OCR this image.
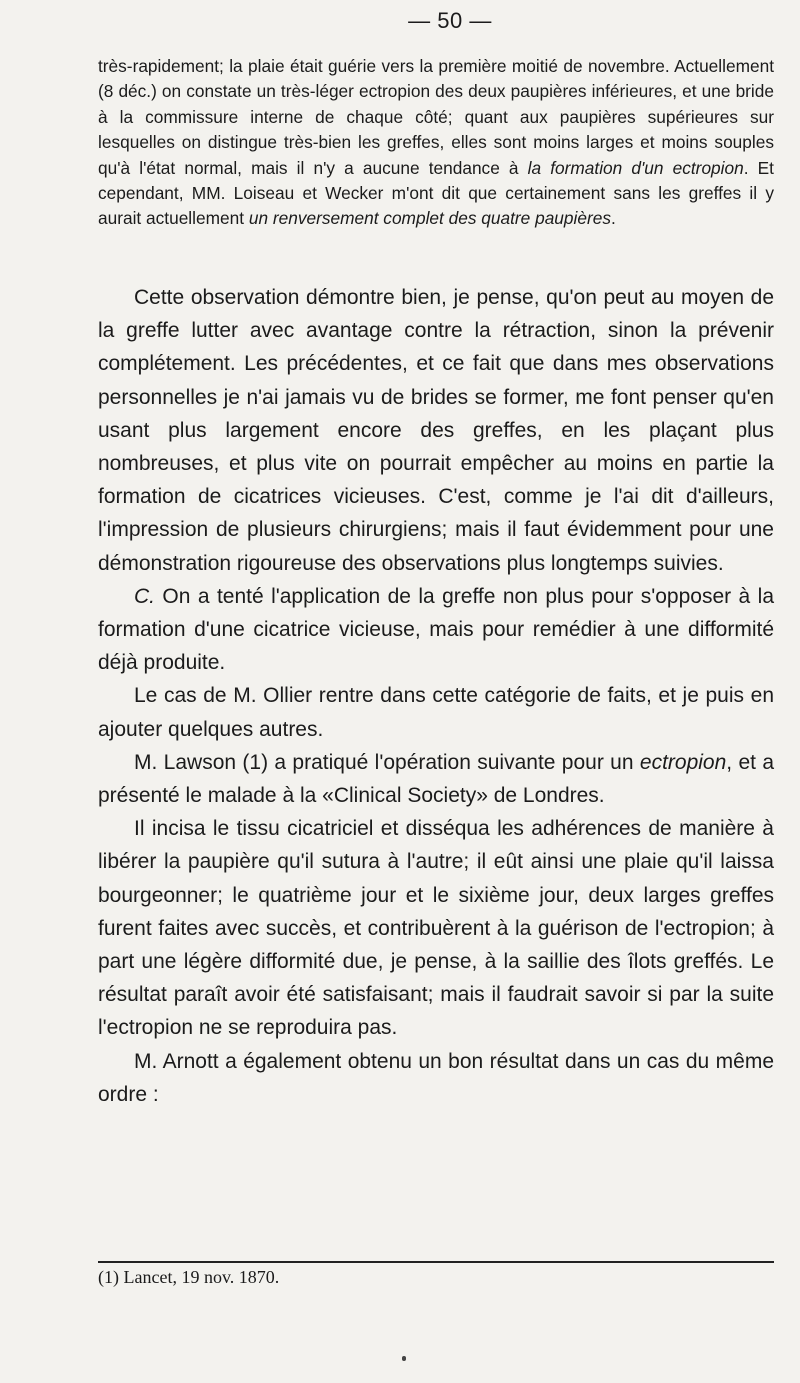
— 50 —

très-rapidement; la plaie était guérie vers la première moitié de novembre. Actuellement (8 déc.) on constate un très-léger ectropion des deux paupières inférieures, et une bride à la commissure interne de chaque côté; quant aux paupières supérieures sur lesquelles on distingue très-bien les greffes, elles sont moins larges et moins souples qu'à l'état normal, mais il n'y a aucune tendance à la formation d'un ectropion. Et cependant, MM. Loiseau et Wecker m'ont dit que certainement sans les greffes il y aurait actuellement un renversement complet des quatre paupières.

Cette observation démontre bien, je pense, qu'on peut au moyen de la greffe lutter avec avantage contre la rétraction, sinon la prévenir complétement. Les précédentes, et ce fait que dans mes observations personnelles je n'ai jamais vu de brides se former, me font penser qu'en usant plus largement encore des greffes, en les plaçant plus nombreuses, et plus vite on pourrait empêcher au moins en partie la formation de cicatrices vicieuses. C'est, comme je l'ai dit d'ailleurs, l'impression de plusieurs chirurgiens; mais il faut évidemment pour une démonstration rigoureuse des observations plus longtemps suivies.

C. On a tenté l'application de la greffe non plus pour s'opposer à la formation d'une cicatrice vicieuse, mais pour remédier à une difformité déjà produite.

Le cas de M. Ollier rentre dans cette catégorie de faits, et je puis en ajouter quelques autres.

M. Lawson (1) a pratiqué l'opération suivante pour un ectropion, et a présenté le malade à la «Clinical Society» de Londres.

Il incisa le tissu cicatriciel et disséqua les adhérences de manière à libérer la paupière qu'il sutura à l'autre; il eût ainsi une plaie qu'il laissa bourgeonner; le quatrième jour et le sixième jour, deux larges greffes furent faites avec succès, et contribuèrent à la guérison de l'ectropion; à part une légère difformité due, je pense, à la saillie des îlots greffés. Le résultat paraît avoir été satisfaisant; mais il faudrait savoir si par la suite l'ectropion ne se reproduira pas.

M. Arnott a également obtenu un bon résultat dans un cas du même ordre :

(1) Lancet, 19 nov. 1870.
